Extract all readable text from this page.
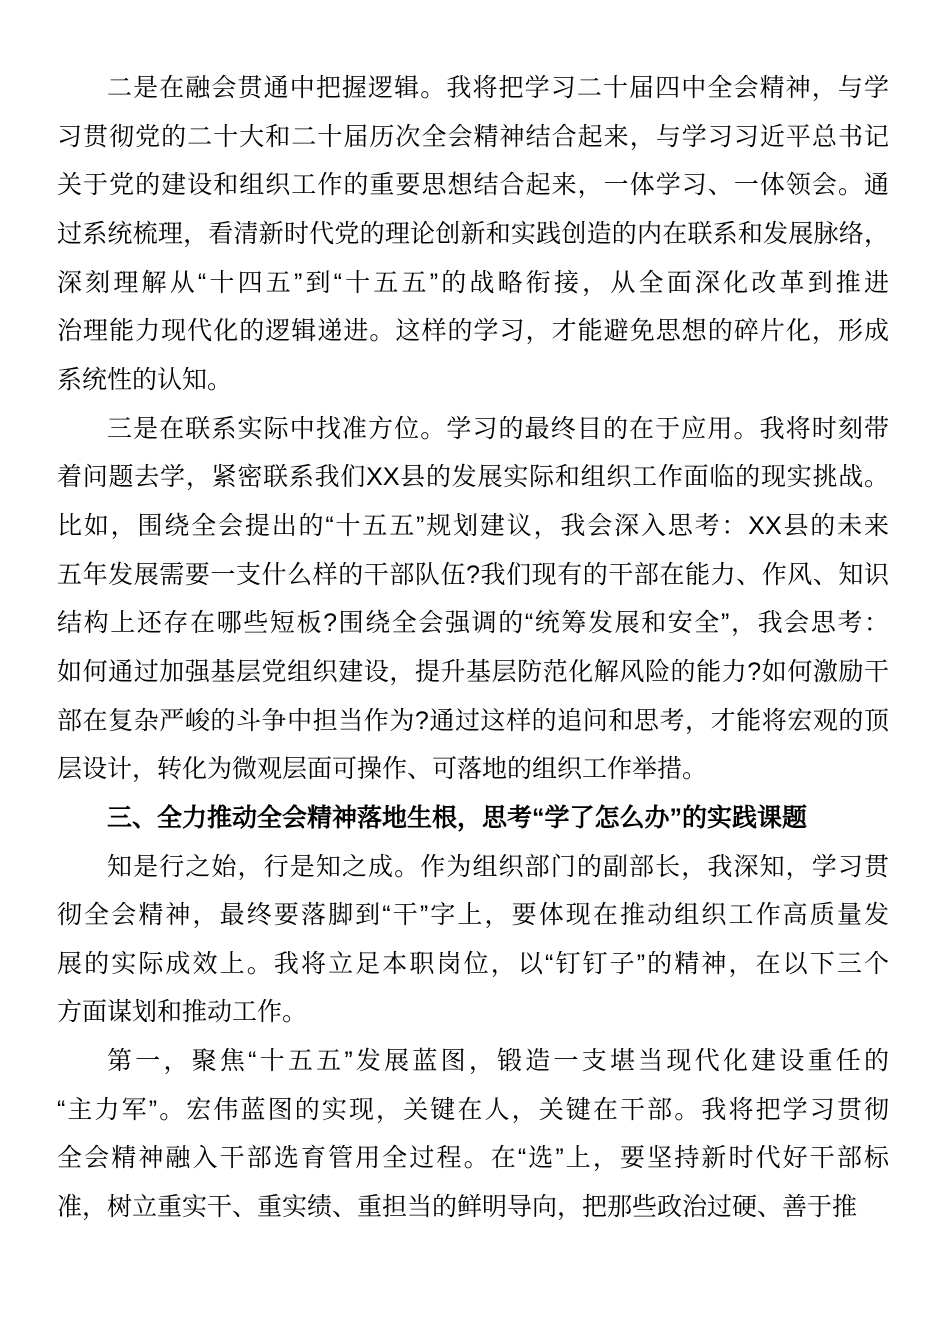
二是在融会贯通中把握逻辑。我将把学习二十届四中全会精神，与学
习贯彻党的二十大和二十届历次全会精神结合起来，与学习习近平总书记
关于党的建设和组织工作的重要思想结合起来，一体学习、一体领会。通
过系统梳理，看清新时代党的理论创新和实践创造的内在联系和发展脉络，
深刻理解从“十四五”到“十五五”的战略衔接，从全面深化改革到推进
治理能力现代化的逻辑递进。这样的学习，才能避免思想的碎片化，形成
系统性的认知。
三是在联系实际中找准方位。学习的最终目的在于应用。我将时刻带
着问题去学，紧密联系我们XX县的发展实际和组织工作面临的现实挑战。
比如，围绕全会提出的“十五五”规划建议，我会深入思考：XX县的未来
五年发展需要一支什么样的干部队伍?我们现有的干部在能力、作风、知识
结构上还存在哪些短板?围绕全会强调的“统筹发展和安全”，我会思考：
如何通过加强基层党组织建设，提升基层防范化解风险的能力?如何激励干
部在复杂严峻的斗争中担当作为?通过这样的追问和思考，才能将宏观的顶
层设计，转化为微观层面可操作、可落地的组织工作举措。
三、全力推动全会精神落地生根，思考“学了怎么办”的实践课题
知是行之始，行是知之成。作为组织部门的副部长，我深知，学习贯
彻全会精神，最终要落脚到“干”字上，要体现在推动组织工作高质量发
展的实际成效上。我将立足本职岗位，以“钉钉子”的精神，在以下三个
方面谋划和推动工作。
第一，聚焦“十五五”发展蓝图，锻造一支堪当现代化建设重任的
“主力军”。宏伟蓝图的实现，关键在人，关键在干部。我将把学习贯彻
全会精神融入干部选育管用全过程。在“选”上，要坚持新时代好干部标
准，树立重实干、重实绩、重担当的鲜明导向，把那些政治过硬、善于推
